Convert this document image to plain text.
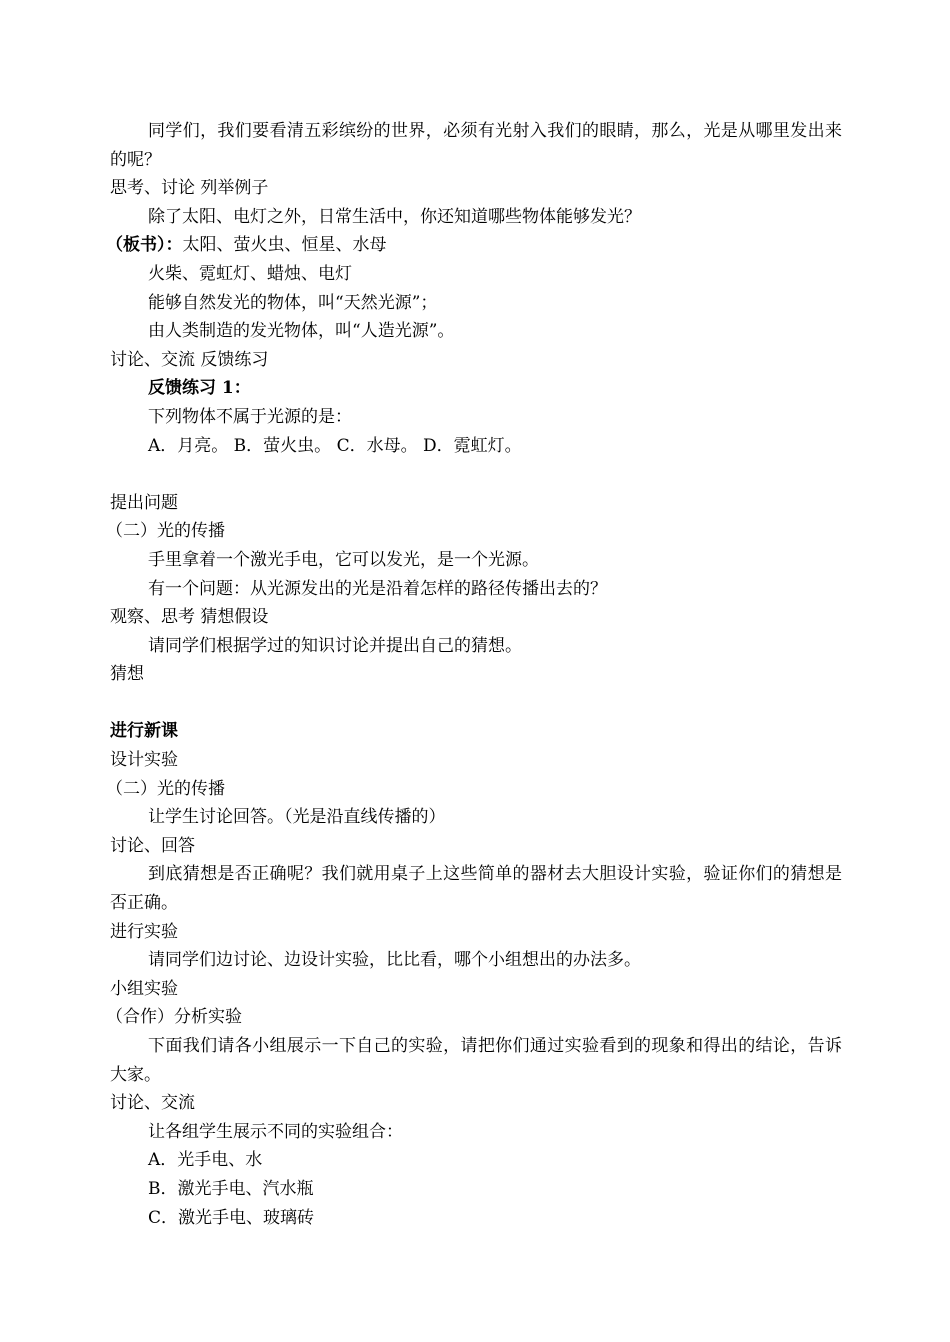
同学们，我们要看清五彩缤纷的世界，必须有光射入我们的眼睛，那么，光是从哪里发出来的呢？
思考、讨论 列举例子
除了太阳、电灯之外，日常生活中，你还知道哪些物体能够发光？
（板书）：太阳、萤火虫、恒星、水母
火柴、霓虹灯、蜡烛、电灯
能够自然发光的物体，叫“天然光源”；
由人类制造的发光物体，叫“人造光源”。
讨论、交流 反馈练习
反馈练习 1：
下列物体不属于光源的是：
A．月亮。 B．萤火虫。 C．水母。 D．霓虹灯。
提出问题
（二）光的传播
手里拿着一个激光手电，它可以发光，是一个光源。
有一个问题：从光源发出的光是沿着怎样的路径传播出去的？
观察、思考 猜想假设
请同学们根据学过的知识讨论并提出自己的猜想。
猜想
进行新课
设计实验
（二）光的传播
让学生讨论回答。（光是沿直线传播的）
讨论、回答
到底猜想是否正确呢？我们就用桌子上这些简单的器材去大胆设计实验，验证你们的猜想是否正确。
进行实验
请同学们边讨论、边设计实验，比比看，哪个小组想出的办法多。
小组实验
（合作）分析实验
下面我们请各小组展示一下自己的实验，请把你们通过实验看到的现象和得出的结论，告诉大家。
讨论、交流
让各组学生展示不同的实验组合：
A．光手电、水
B．激光手电、汽水瓶
C．激光手电、玻璃砖
